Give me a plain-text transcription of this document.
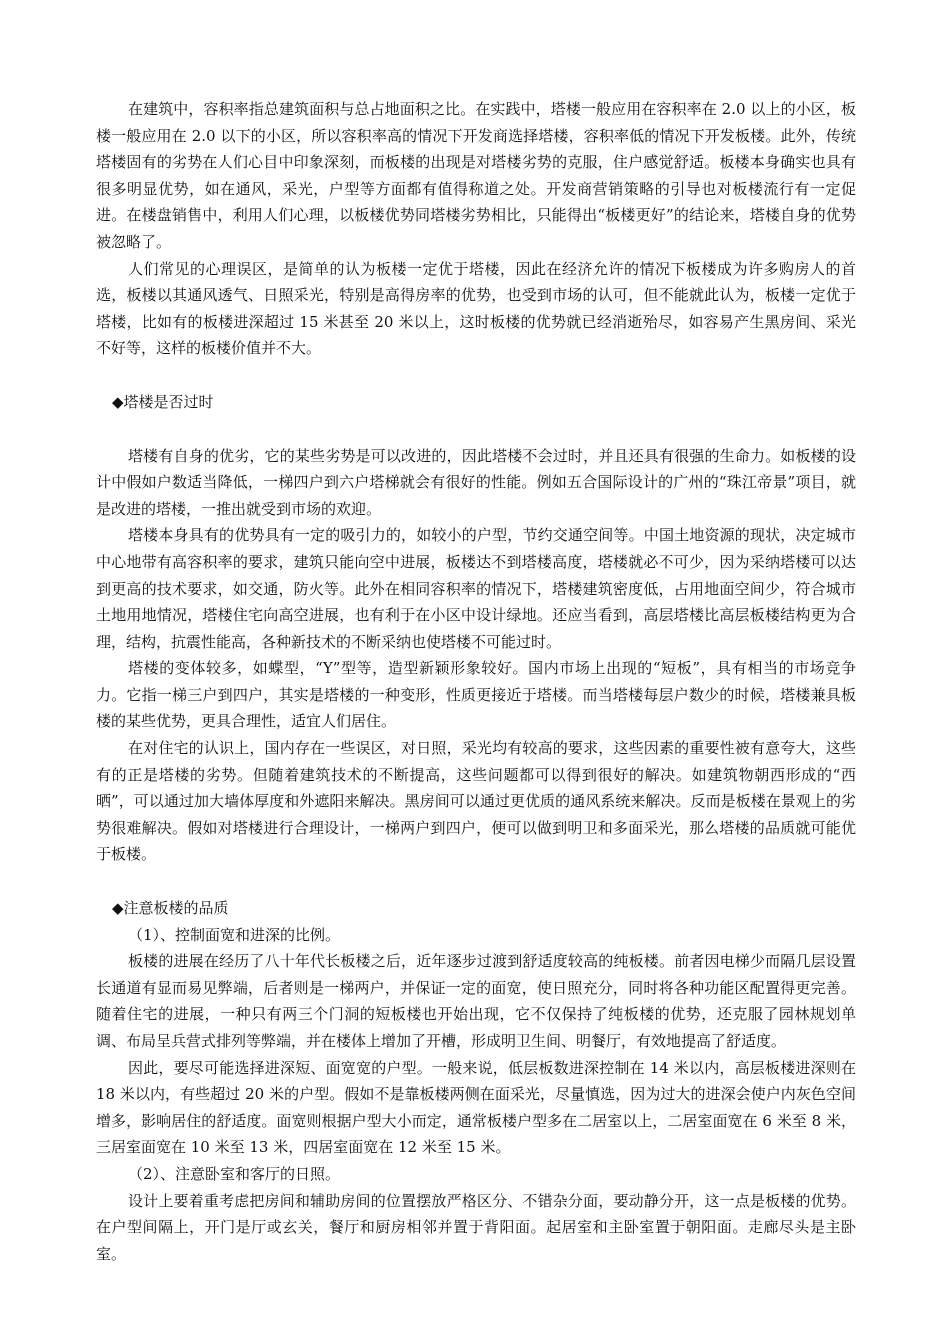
在建筑中，容积率指总建筑面积与总占地面积之比。在实践中，塔楼一般应用在容积率在 2.0 以上的小区，板楼一般应用在 2.0 以下的小区，所以容积率高的情况下开发商选择塔楼，容积率低的情况下开发板楼。此外，传统塔楼固有的劣势在人们心目中印象深刻，而板楼的出现是对塔楼劣势的克服，住户感觉舒适。板楼本身确实也具有很多明显优势，如在通风，采光，户型等方面都有值得称道之处。开发商营销策略的引导也对板楼流行有一定促进。在楼盘销售中，利用人们心理，以板楼优势同塔楼劣势相比，只能得出“板楼更好”的结论来，塔楼自身的优势被忽略了。

人们常见的心理误区，是简单的认为板楼一定优于塔楼，因此在经济允许的情况下板楼成为许多购房人的首选，板楼以其通风透气、日照采光，特别是高得房率的优势，也受到市场的认可，但不能就此认为，板楼一定优于塔楼，比如有的板楼进深超过 15 米甚至 20 米以上，这时板楼的优势就已经消逝殆尽，如容易产生黑房间、采光不好等，这样的板楼价值并不大。

◆塔楼是否过时

塔楼有自身的优劣，它的某些劣势是可以改进的，因此塔楼不会过时，并且还具有很强的生命力。如板楼的设计中假如户数适当降低，一梯四户到六户塔梯就会有很好的性能。例如五合国际设计的广州的“珠江帝景”项目，就是改进的塔楼，一推出就受到市场的欢迎。

塔楼本身具有的优势具有一定的吸引力的，如较小的户型，节约交通空间等。中国土地资源的现状，决定城市中心地带有高容积率的要求，建筑只能向空中进展，板楼达不到塔楼高度，塔楼就必不可少，因为采纳塔楼可以达到更高的技术要求，如交通，防火等。此外在相同容积率的情况下，塔楼建筑密度低，占用地面空间少，符合城市土地用地情况，塔楼住宅向高空进展，也有利于在小区中设计绿地。还应当看到，高层塔楼比高层板楼结构更为合理，结构，抗震性能高，各种新技术的不断采纳也使塔楼不可能过时。

塔楼的变体较多，如蝶型，“Y”型等，造型新颖形象较好。国内市场上出现的“短板”，具有相当的市场竞争力。它指一梯三户到四户，其实是塔楼的一种变形，性质更接近于塔楼。而当塔楼每层户数少的时候，塔楼兼具板楼的某些优势，更具合理性，适宜人们居住。

在对住宅的认识上，国内存在一些误区，对日照，采光均有较高的要求，这些因素的重要性被有意夸大，这些有的正是塔楼的劣势。但随着建筑技术的不断提高，这些问题都可以得到很好的解决。如建筑物朝西形成的“西晒”，可以通过加大墙体厚度和外遮阳来解决。黑房间可以通过更优质的通风系统来解决。反而是板楼在景观上的劣势很难解决。假如对塔楼进行合理设计，一梯两户到四户，便可以做到明卫和多面采光，那么塔楼的品质就可能优于板楼。

◆注意板楼的品质

（1）、控制面宽和进深的比例。

板楼的进展在经历了八十年代长板楼之后，近年逐步过渡到舒适度较高的纯板楼。前者因电梯少而隔几层设置长通道有显而易见弊端，后者则是一梯两户，并保证一定的面宽，使日照充分，同时将各种功能区配置得更完善。随着住宅的进展，一种只有两三个门洞的短板楼也开始出现，它不仅保持了纯板楼的优势，还克服了园林规划单调、布局呈兵营式排列等弊端，并在楼体上增加了开槽，形成明卫生间、明餐厅，有效地提高了舒适度。

因此，要尽可能选择进深短、面宽宽的户型。一般来说，低层板数进深控制在 14 米以内，高层板楼进深则在 18 米以内，有些超过 20 米的户型。假如不是靠板楼两侧在面采光，尽量慎选，因为过大的进深会使户内灰色空间增多，影响居住的舒适度。面宽则根据户型大小而定，通常板楼户型多在二居室以上，二居室面宽在 6 米至 8 米，三居室面宽在 10 米至 13 米，四居室面宽在 12 米至 15 米。

（2）、注意卧室和客厅的日照。

设计上要着重考虑把房间和辅助房间的位置摆放严格区分、不错杂分面，要动静分开，这一点是板楼的优势。在户型间隔上，开门是厅或玄关，餐厅和厨房相邻并置于背阳面。起居室和主卧室置于朝阳面。走廊尽头是主卧室。
